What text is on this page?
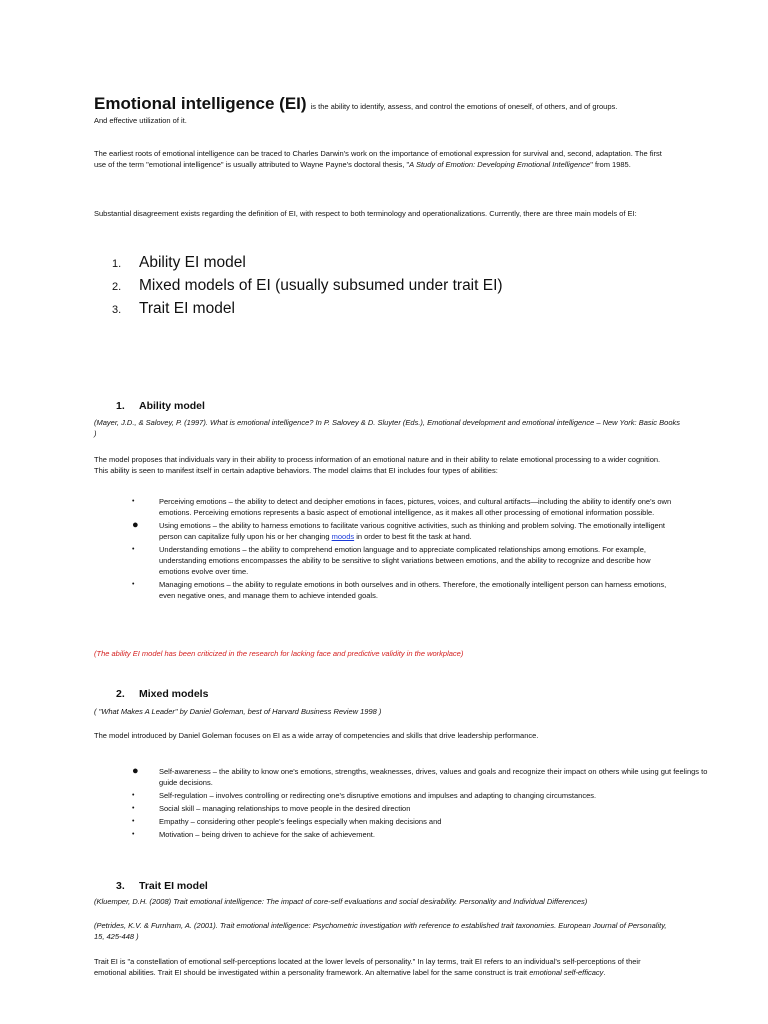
Emotional intelligence (EI) is the ability to identify, assess, and control the emotions of oneself, of others, and of groups.
And effective utilization of it.

The earliest roots of emotional intelligence can be traced to Charles Darwin's work on the importance of emotional expression for survival and, second, adaptation. The first use of the term "emotional intelligence" is usually attributed to Wayne Payne's doctoral thesis, "A Study of Emotion: Developing Emotional Intelligence" from 1985.

Substantial disagreement exists regarding the definition of EI, with respect to both terminology and operationalizations. Currently, there are three main models of EI:

1.	Ability EI model
2.	Mixed models of EI (usually subsumed under trait EI)
3.	Trait EI model
1.	Ability model

(Mayer, J.D., & Salovey, P. (1997). What is emotional intelligence? In P. Salovey & D. Sluyter (Eds.), Emotional development and emotional intelligence – New York: Basic Books )

The model proposes that individuals vary in their ability to process information of an emotional nature and in their ability to relate emotional processing to a wider cognition. This ability is seen to manifest itself in certain adaptive behaviors. The model claims that EI includes four types of abilities:

•	Perceiving emotions – the ability to detect and decipher emotions in faces, pictures, voices, and cultural artifacts—including the ability to identify one's own emotions. Perceiving emotions represents a basic aspect of emotional intelligence, as it makes all other processing of emotional information possible.
●	Using emotions – the ability to harness emotions to facilitate various cognitive activities, such as thinking and problem solving. The emotionally intelligent person can capitalize fully upon his or her changing moods in order to best fit the task at hand.
•	Understanding emotions – the ability to comprehend emotion language and to appreciate complicated relationships among emotions. For example, understanding emotions encompasses the ability to be sensitive to slight variations between emotions, and the ability to recognize and describe how emotions evolve over time.
•	Managing emotions – the ability to regulate emotions in both ourselves and in others. Therefore, the emotionally intelligent person can harness emotions, even negative ones, and manage them to achieve intended goals.

(The ability EI model has been criticized in the research for lacking face and predictive validity in the workplace)

2.	Mixed models

( "What Makes A Leader" by Daniel Goleman, best of Harvard Business Review 1998 )

The model introduced by Daniel Goleman focuses on EI as a wide array of competencies and skills that drive leadership performance.

●	Self-awareness – the ability to know one's emotions, strengths, weaknesses, drives, values and goals and recognize their impact on others while using gut feelings to guide decisions.
•	Self-regulation – involves controlling or redirecting one's disruptive emotions and impulses and adapting to changing circumstances.
•	Social skill – managing relationships to move people in the desired direction
•	Empathy – considering other people's feelings especially when making decisions and
•	Motivation – being driven to achieve for the sake of achievement.
3.	Trait EI model

(Kluemper, D.H. (2008) Trait emotional intelligence: The impact of core-self evaluations and social desirability. Personality and Individual Differences)

(Petrides, K.V. & Furnham, A. (2001). Trait emotional intelligence: Psychometric investigation with reference to established trait taxonomies. European Journal of Personality, 15, 425-448 )

Trait EI is "a constellation of emotional self-perceptions located at the lower levels of personality." In lay terms, trait EI refers to an individual's self-perceptions of their emotional abilities. Trait EI should be investigated within a personality framework. An alternative label for the same construct is trait emotional self-efficacy.
